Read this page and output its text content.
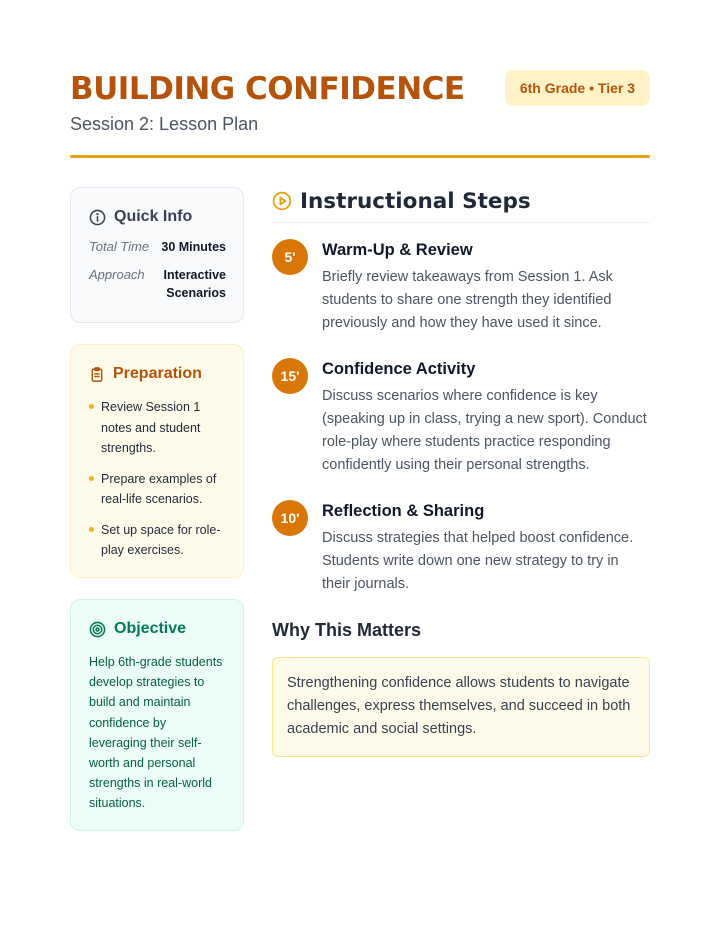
BUILDING CONFIDENCE
Session 2: Lesson Plan
6th Grade • Tier 3
Quick Info
Total Time 30 Minutes
Approach Interactive
Scenarios
Preparation
Review Session 1 notes and student strengths.
Prepare examples of real-life scenarios.
Set up space for role-play exercises.
Objective

Help 6th-grade students develop strategies to build and maintain confidence by leveraging their self-worth and personal strengths in real-world situations.

Instructional Steps
5'	Warm-Up & Review

Briefly review takeaways from Session 1. Ask students to share one strength they identified previously and how they have used it since.

15'	Confidence Activity

Discuss scenarios where confidence is key (speaking up in class, trying a new sport). Conduct role-play where students practice responding confidently using their personal strengths.

10'	Reflection & Sharing

Discuss strategies that helped boost confidence. Students write down one new strategy to try in their journals.

Why This Matters
Strengthening confidence allows students to navigate challenges, express themselves, and succeed in both academic and social settings.
